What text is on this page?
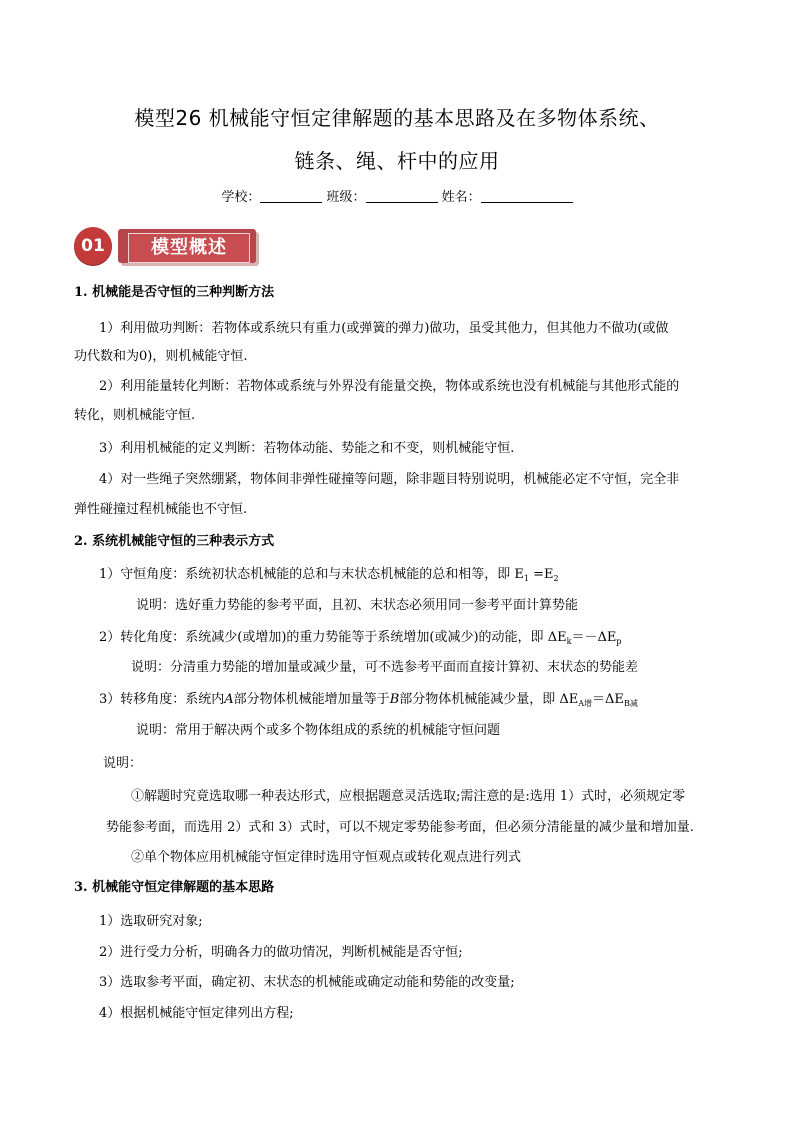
模型26 机械能守恒定律解题的基本思路及在多物体系统、
链条、绳、杆中的应用
学校：	班级：	姓名：
01	模型概述
1. 机械能是否守恒的三种判断方法
1）利用做功判断：若物体或系统只有重力(或弹簧的弹力)做功，虽受其他力，但其他力不做功(或做
功代数和为0)，则机械能守恒.
2）利用能量转化判断：若物体或系统与外界没有能量交换，物体或系统也没有机械能与其他形式能的
转化，则机械能守恒.
3）利用机械能的定义判断：若物体动能、势能之和不变，则机械能守恒.
4）对一些绳子突然绷紧，物体间非弹性碰撞等问题，除非题目特别说明，机械能必定不守恒，完全非
弹性碰撞过程机械能也不守恒.
2. 系统机械能守恒的三种表示方式
1）守恒角度：系统初状态机械能的总和与末状态机械能的总和相等，即 $E_1 =E_2$
说明：选好重力势能的参考平面，且初、末状态必须用同一参考平面计算势能
2）转化角度：系统减少(或增加)的重力势能等于系统增加(或减少)的动能，即 $\Delta E_k=-\Delta E_p$
说明：分清重力势能的增加量或减少量，可不选参考平面而直接计算初、末状态的势能差
3）转移角度：系统内A部分物体机械能增加量等于B部分物体机械能减少量，即 $\Delta E_{A增}=\Delta E_{B减}$
说明：常用于解决两个或多个物体组成的系统的机械能守恒问题
说明：
①解题时究竟选取哪一种表达形式，应根据题意灵活选取;需注意的是:选用 1）式时，必须规定零
势能参考面，而选用 2）式和 3）式时，可以不规定零势能参考面，但必须分清能量的减少量和增加量.
②单个物体应用机械能守恒定律时选用守恒观点或转化观点进行列式
3. 机械能守恒定律解题的基本思路
1）选取研究对象;
2）进行受力分析，明确各力的做功情况，判断机械能是否守恒;
3）选取参考平面，确定初、末状态的机械能或确定动能和势能的改变量;
4）根据机械能守恒定律列出方程;
